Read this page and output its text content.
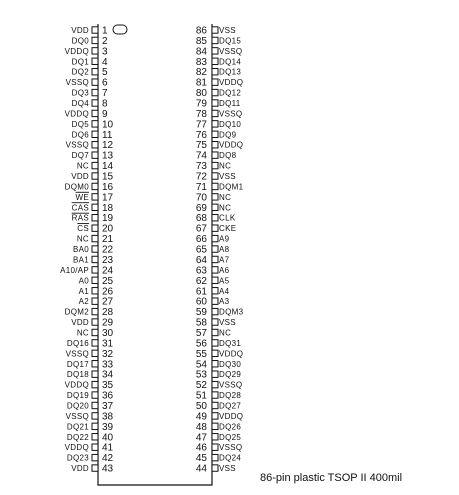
VDD 1
DQ0 2
VDDQ 3
DQ1 4
DQ2 5
VSSQ 6
DQ3 7
DQ4 8
VDDQ 9
DQ5 10
DQ6 11
VSSQ 12
DQ7 13
NC 14
VDD 15
DQM0 16
WE 17
CAS 18
RAS 19
CS 20
NC 21
BA0 22
BA1 23
A10/AP 24
A0 25
A1 26
A2 27
DQM2 28
VDD 29
NC 30
DQ16 31
VSSQ 32
DQ17 33
DQ18 34
VDDQ 35
DQ19 36
DQ20 37
VSSQ 38
DQ21 39
DQ22 40
VDDQ 41
DQ23 42
VDD 43
VSS
86
DQ15
85
VSSQ
84
DQ14
83
DQ13
82
VDDQ
81
DQ12
80
DQ11
79
VSSQ
78
DQ10
77
DQ9
76
VDDQ
75
DQ8
74
NC
73
VSS
72
DQM1
71
NC
70
NC
69
CLK
68
CKE
67
A9
66
A8
65
A7
64
A6
63
A5
62
A4
61
A3
60
DQM3
59
VSS
58
NC
57
DQ31
56
VDDQ
55
DQ30
54
DQ29
53
VSSQ
52
DQ28
51
DQ27
50
VDDQ
49
DQ26
48
DQ25
47
VSSQ
46
DQ24
45
VSS
44
86-pin plastic TSOP II 400mil
